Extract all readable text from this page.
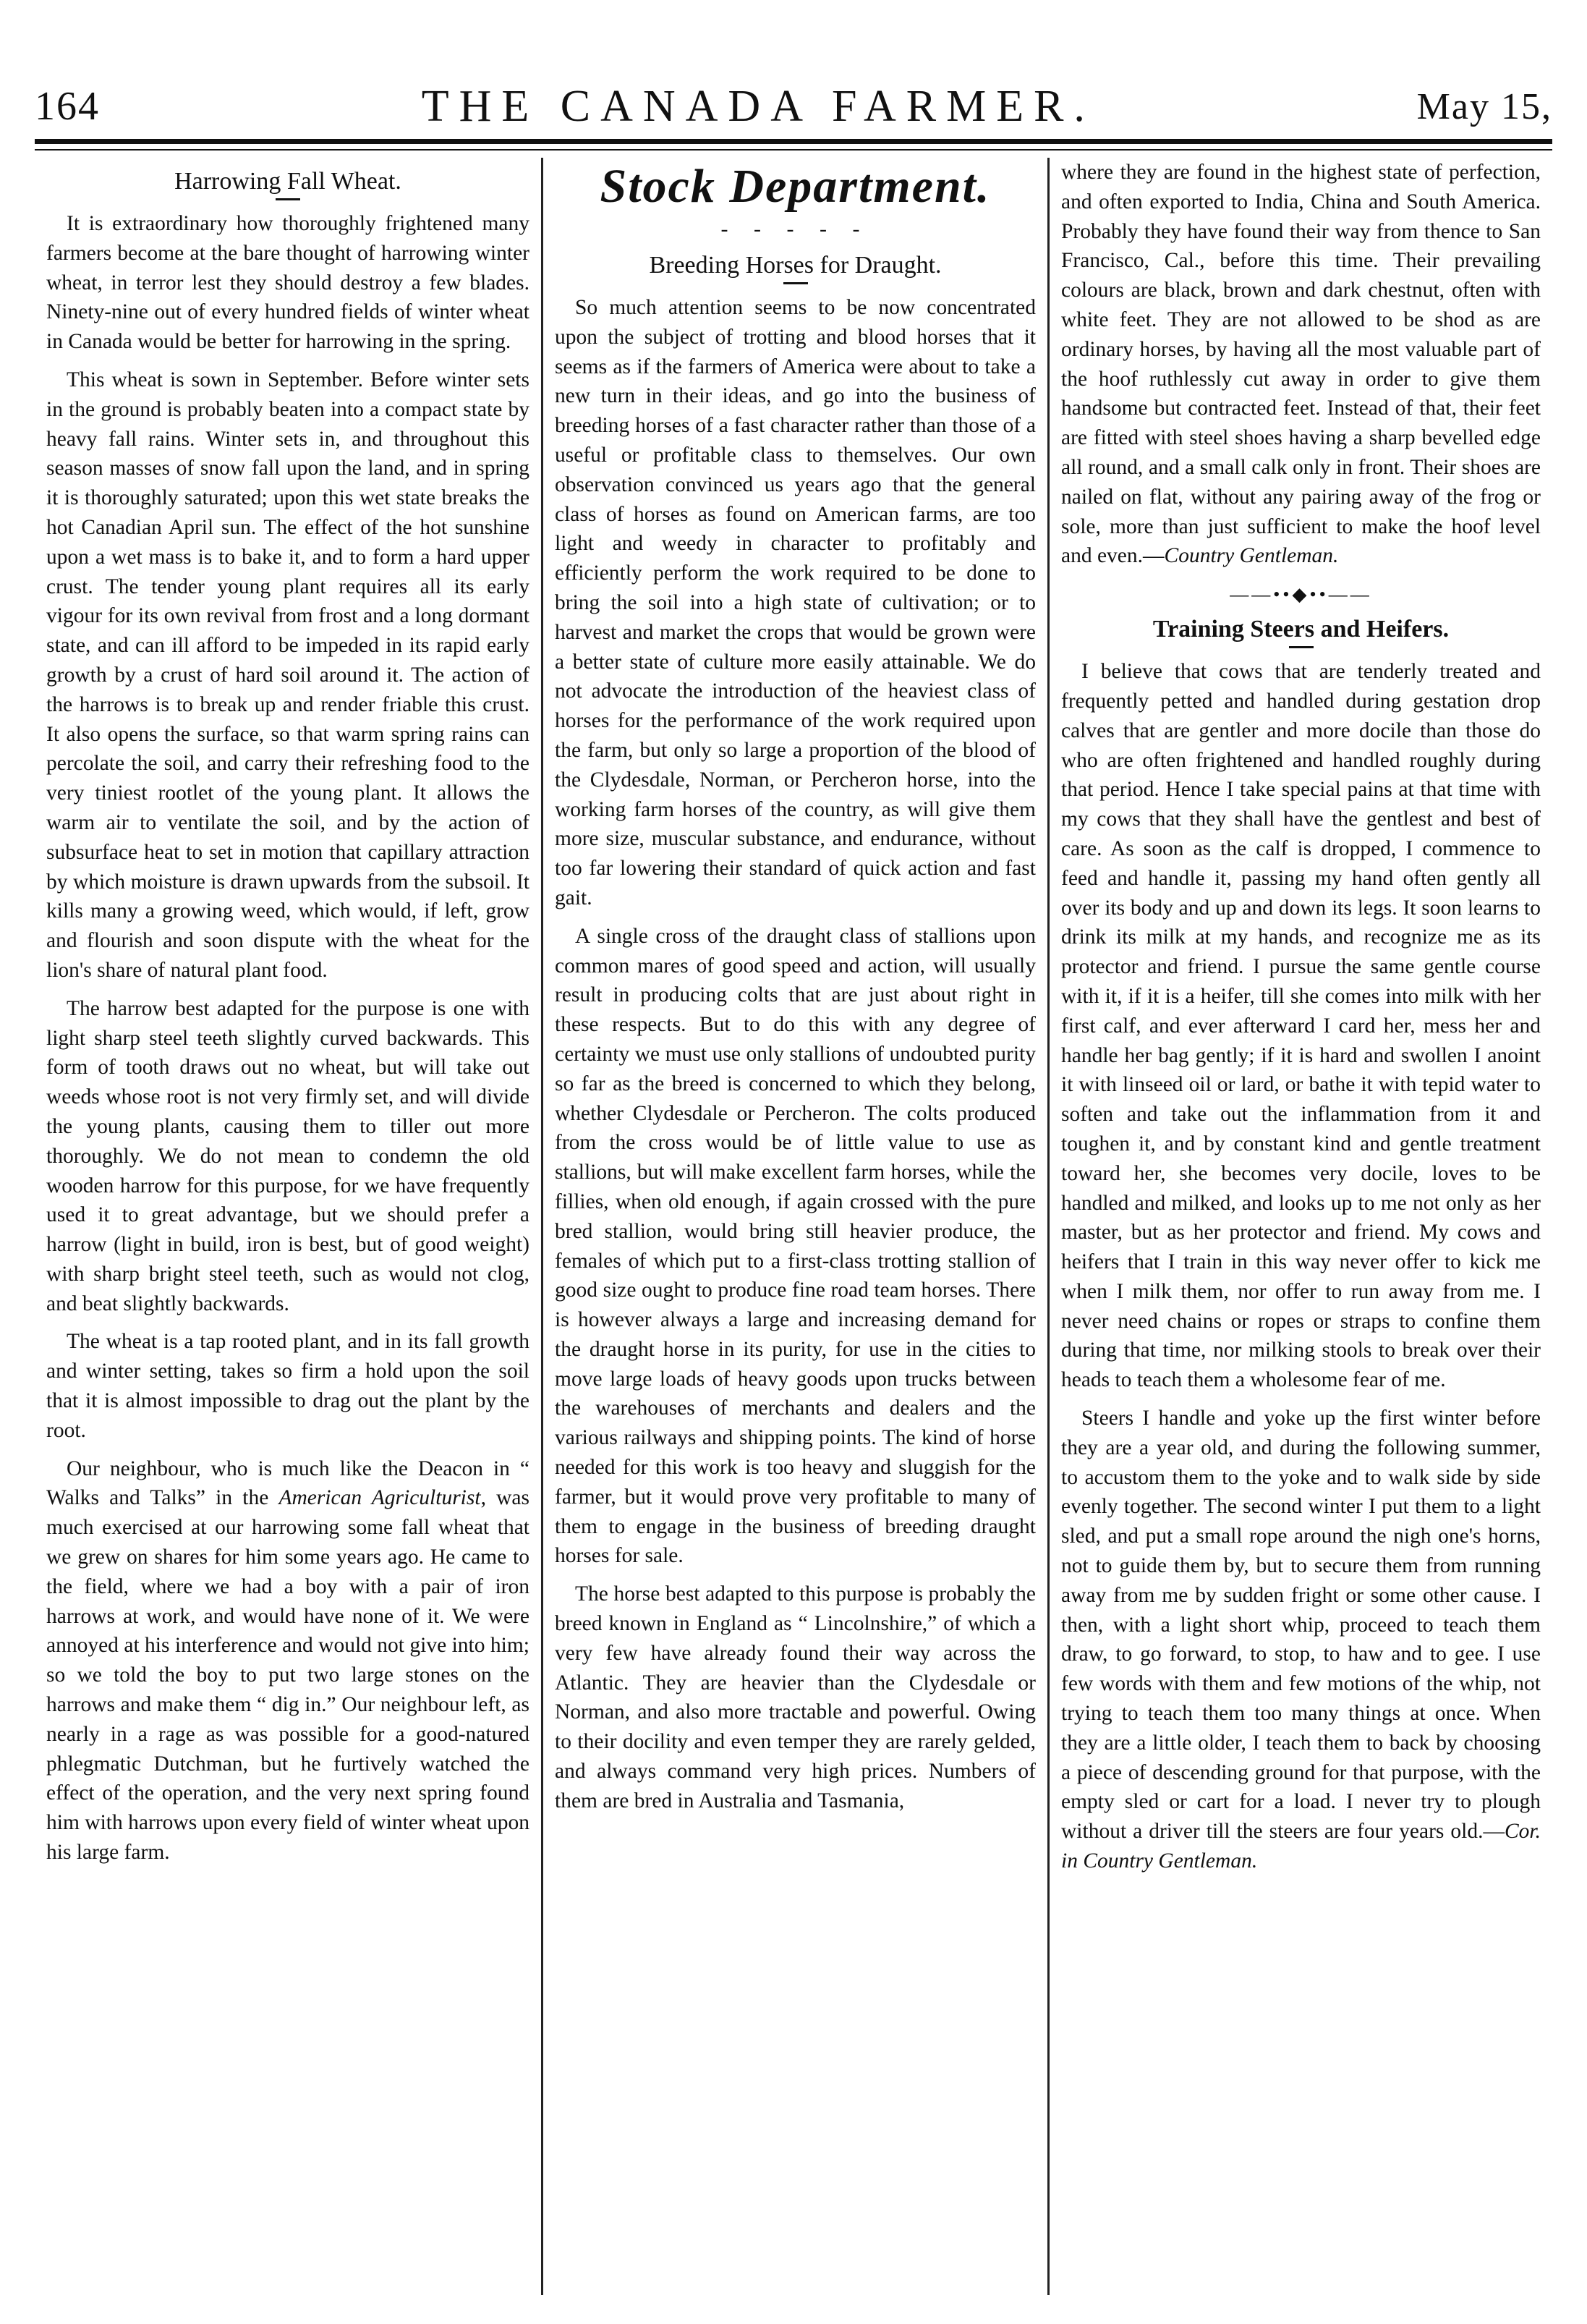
164	THE CANADA FARMER.	May 15,
Harrowing Fall Wheat.

It is extraordinary how thoroughly frightened many farmers become at the bare thought of harrowing winter wheat, in terror lest they should destroy a few blades. Ninety-nine out of every hundred fields of winter wheat in Canada would be better for harrowing in the spring.

This wheat is sown in September. Before winter sets in the ground is probably beaten into a compact state by heavy fall rains. Winter sets in, and throughout this season masses of snow fall upon the land, and in spring it is thoroughly saturated; upon this wet state breaks the hot Canadian April sun. The effect of the hot sunshine upon a wet mass is to bake it, and to form a hard upper crust. The tender young plant requires all its early vigour for its own revival from frost and a long dormant state, and can ill afford to be impeded in its rapid early growth by a crust of hard soil around it. The action of the harrows is to break up and render friable this crust. It also opens the surface, so that warm spring rains can percolate the soil, and carry their refreshing food to the very tiniest rootlet of the young plant. It allows the warm air to ventilate the soil, and by the action of subsurface heat to set in motion that capillary attraction by which moisture is drawn upwards from the subsoil. It kills many a growing weed, which would, if left, grow and flourish and soon dispute with the wheat for the lion's share of natural plant food.

The harrow best adapted for the purpose is one with light sharp steel teeth slightly curved backwards. This form of tooth draws out no wheat, but will take out weeds whose root is not very firmly set, and will divide the young plants, causing them to tiller out more thoroughly. We do not mean to condemn the old wooden harrow for this purpose, for we have frequently used it to great advantage, but we should prefer a harrow (light in build, iron is best, but of good weight) with sharp bright steel teeth, such as would not clog, and beat slightly backwards.

The wheat is a tap rooted plant, and in its fall growth and winter setting, takes so firm a hold upon the soil that it is almost impossible to drag out the plant by the root.

Our neighbour, who is much like the Deacon in “ Walks and Talks” in the American Agriculturist, was much exercised at our harrowing some fall wheat that we grew on shares for him some years ago. He came to the field, where we had a boy with a pair of iron harrows at work, and would have none of it. We were annoyed at his interference and would not give into him; so we told the boy to put two large stones on the harrows and make them “ dig in.” Our neighbour left, as nearly in a rage as was possible for a good-natured phlegmatic Dutchman, but he furtively watched the effect of the operation, and the very next spring found him with harrows upon every field of winter wheat upon his large farm.

Stock Department.
- - - - -
Breeding Horses for Draught.

So much attention seems to be now concentrated upon the subject of trotting and blood horses that it seems as if the farmers of America were about to take a new turn in their ideas, and go into the business of breeding horses of a fast character rather than those of a useful or profitable class to themselves. Our own observation convinced us years ago that the general class of horses as found on American farms, are too light and weedy in character to profitably and efficiently perform the work required to be done to bring the soil into a high state of cultivation; or to harvest and market the crops that would be grown were a better state of culture more easily attainable. We do not advocate the introduction of the heaviest class of horses for the performance of the work required upon the farm, but only so large a proportion of the blood of the Clydesdale, Norman, or Percheron horse, into the working farm horses of the country, as will give them more size, muscular substance, and endurance, without too far lowering their standard of quick action and fast gait.

A single cross of the draught class of stallions upon common mares of good speed and action, will usually result in producing colts that are just about right in these respects. But to do this with any degree of certainty we must use only stallions of undoubted purity so far as the breed is concerned to which they belong, whether Clydesdale or Percheron. The colts produced from the cross would be of little value to use as stallions, but will make excellent farm horses, while the fillies, when old enough, if again crossed with the pure bred stallion, would bring still heavier produce, the females of which put to a first-class trotting stallion of good size ought to produce fine road team horses. There is however always a large and increasing demand for the draught horse in its purity, for use in the cities to move large loads of heavy goods upon trucks between the warehouses of merchants and dealers and the various railways and shipping points. The kind of horse needed for this work is too heavy and sluggish for the farmer, but it would prove very profitable to many of them to engage in the business of breeding draught horses for sale.

The horse best adapted to this purpose is probably the breed known in England as “ Lincolnshire,” of which a very few have already found their way across the Atlantic. They are heavier than the Clydesdale or Norman, and also more tractable and powerful. Owing to their docility and even temper they are rarely gelded, and always command very high prices. Numbers of them are bred in Australia and Tasmania,

where they are found in the highest state of perfection, and often exported to India, China and South America. Probably they have found their way from thence to San Francisco, Cal., before this time. Their prevailing colours are black, brown and dark chestnut, often with white feet. They are not allowed to be shod as are ordinary horses, by having all the most valuable part of the hoof ruthlessly cut away in order to give them handsome but contracted feet. Instead of that, their feet are fitted with steel shoes having a sharp bevelled edge all round, and a small calk only in front. Their shoes are nailed on flat, without any pairing away of the frog or sole, more than just sufficient to make the hoof level and even.—Country Gentleman.

——••◆••——
Training Steers and Heifers.

I believe that cows that are tenderly treated and frequently petted and handled during gestation drop calves that are gentler and more docile than those do who are often frightened and handled roughly during that period. Hence I take special pains at that time with my cows that they shall have the gentlest and best of care. As soon as the calf is dropped, I commence to feed and handle it, passing my hand often gently all over its body and up and down its legs. It soon learns to drink its milk at my hands, and recognize me as its protector and friend. I pursue the same gentle course with it, if it is a heifer, till she comes into milk with her first calf, and ever afterward I card her, mess her and handle her bag gently; if it is hard and swollen I anoint it with linseed oil or lard, or bathe it with tepid water to soften and take out the inflammation from it and toughen it, and by constant kind and gentle treatment toward her, she becomes very docile, loves to be handled and milked, and looks up to me not only as her master, but as her protector and friend. My cows and heifers that I train in this way never offer to kick me when I milk them, nor offer to run away from me. I never need chains or ropes or straps to confine them during that time, nor milking stools to break over their heads to teach them a wholesome fear of me.

Steers I handle and yoke up the first winter before they are a year old, and during the following summer, to accustom them to the yoke and to walk side by side evenly together. The second winter I put them to a light sled, and put a small rope around the nigh one's horns, not to guide them by, but to secure them from running away from me by sudden fright or some other cause. I then, with a light short whip, proceed to teach them draw, to go forward, to stop, to haw and to gee. I use few words with them and few motions of the whip, not trying to teach them too many things at once. When they are a little older, I teach them to back by choosing a piece of descending ground for that purpose, with the empty sled or cart for a load. I never try to plough without a driver till the steers are four years old.—Cor. in Country Gentleman.
